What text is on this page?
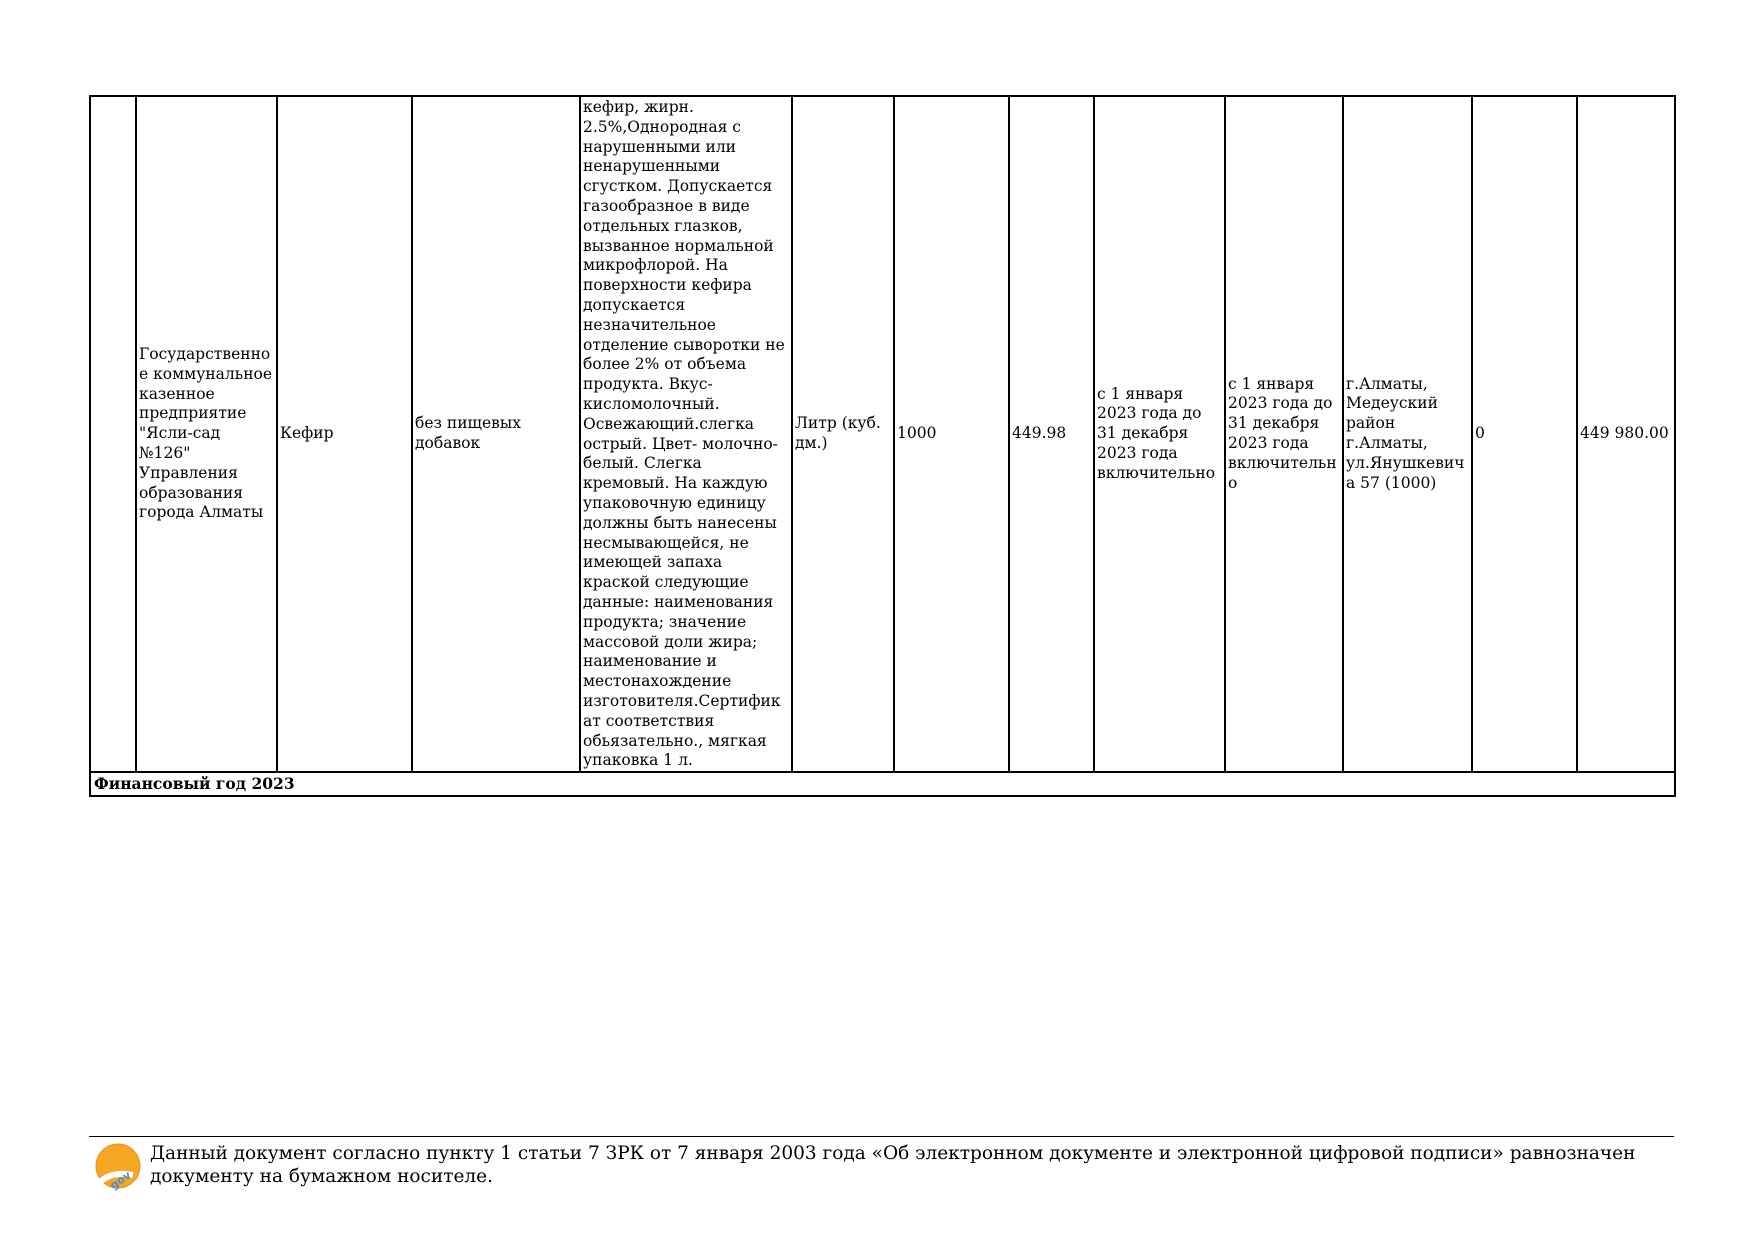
	Государственное коммунальное казенное предприятие "Ясли-сад №126" Управления образования города Алматы	Кефир	без пищевых добавок	кефир, жирн. 2.5%,Однородная с нарушенными или ненарушенными сгустком. Допускается газообразное в виде отдельных глазков, вызванное нормальной микрофлорой. На поверхности кефира допускается незначительное отделение сыворотки не более 2% от объема продукта. Вкус-кисломолочный. Освежающий.слегка острый. Цвет- молочно-белый. Слегка кремовый. На каждую упаковочную единицу должны быть нанесены несмывающейся, не имеющей запаха краской следующие данные: наименования продукта; значение массовой доли жира; наименование и местонахождение изготовителя.Сертификат соответствия обьязательно., мягкая упаковка 1 л.	Литр (куб. дм.)	1000	449.98	с 1 января 2023 года до 31 декабря 2023 года включительно	с 1 января 2023 года до 31 декабря 2023 года включительно	г.Алматы, Медеуский район г.Алматы, ул.Янушкевича 57 (1000)	0	449 980.00
Финансовый год 2023
gov
Данный документ согласно пункту 1 статьи 7 ЗРК от 7 января 2003 года «Об электронном документе и электронной цифровой подписи» равнозначен документу на бумажном носителе.
